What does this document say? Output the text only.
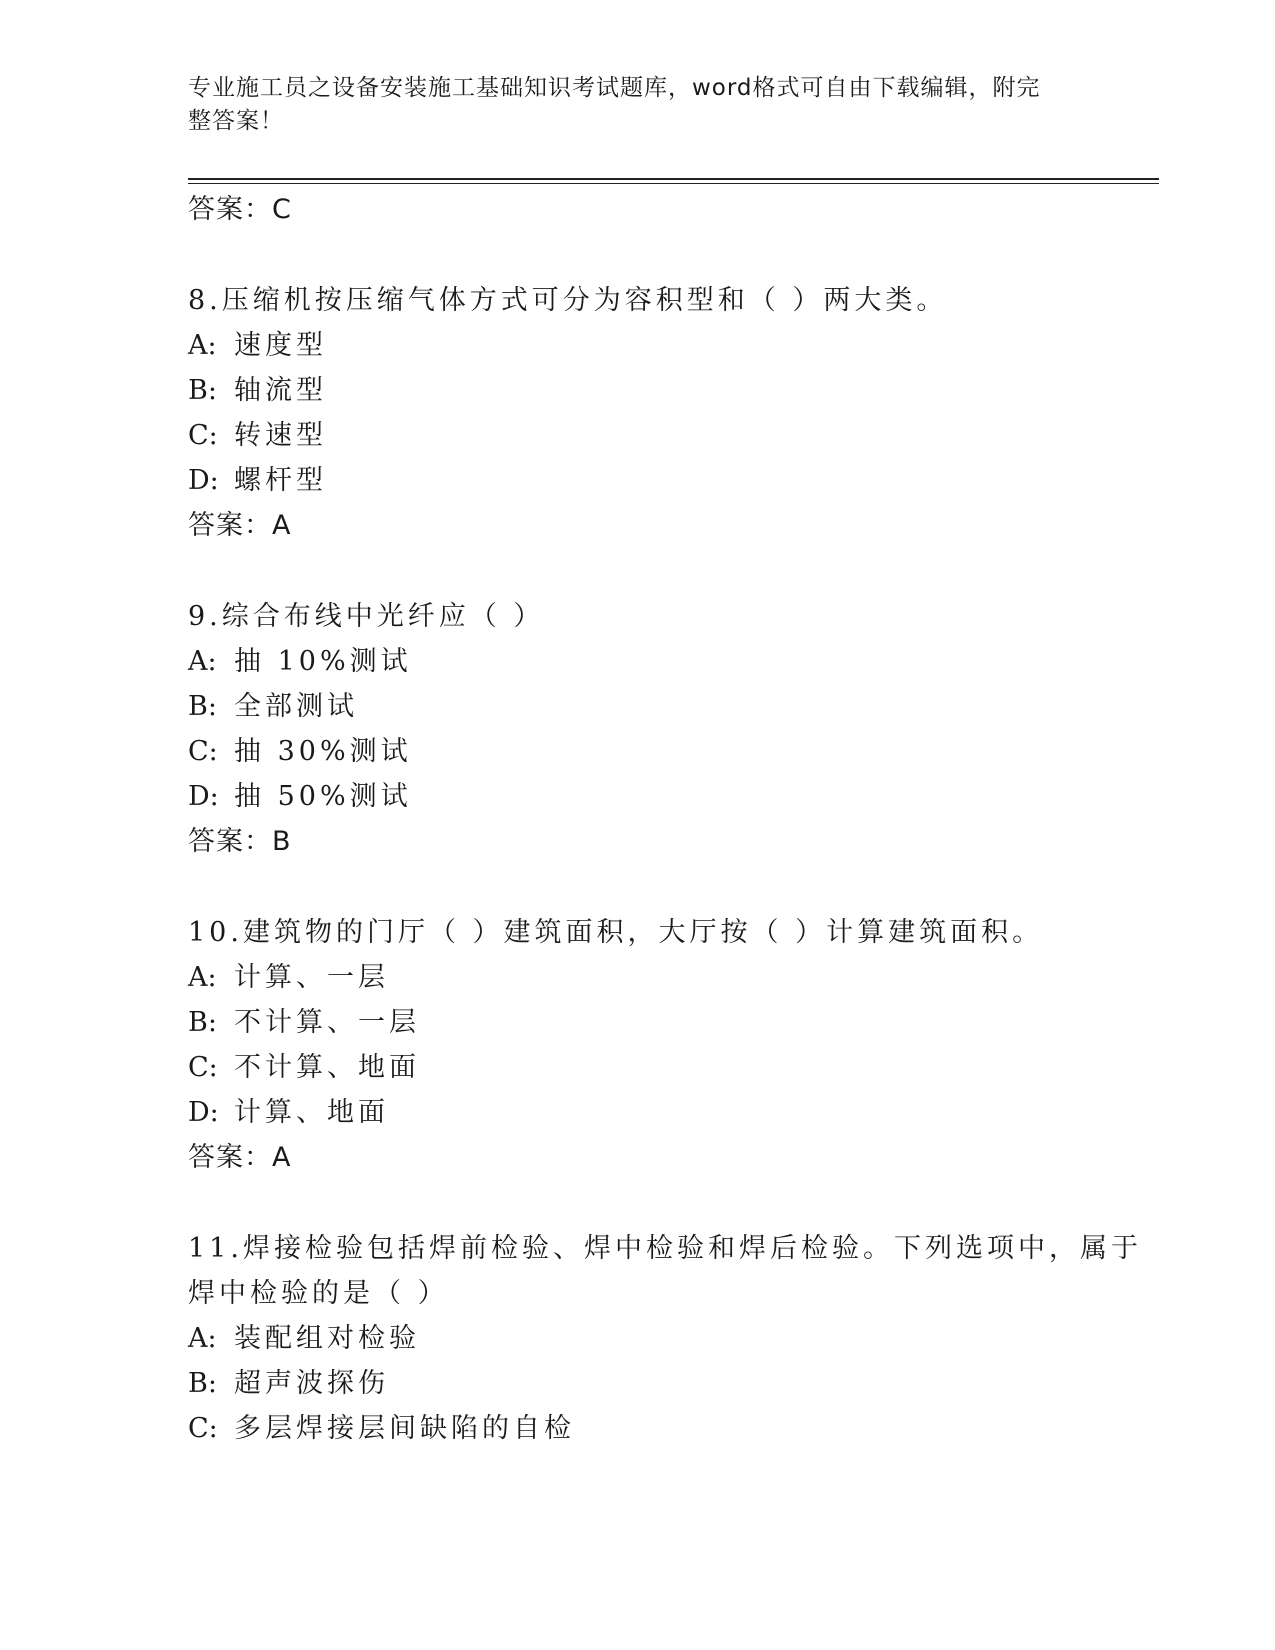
专业施工员之设备安装施工基础知识考试题库，word格式可自由下载编辑，附完
整答案！
答案：C
8.压缩机按压缩气体方式可分为容积型和（ ）两大类。
A: 速度型
B: 轴流型
C: 转速型
D: 螺杆型
答案：A
9.综合布线中光纤应（ ）
A: 抽 10%测试
B: 全部测试
C: 抽 30%测试
D: 抽 50%测试
答案：B
10.建筑物的门厅（ ）建筑面积，大厅按（ ）计算建筑面积。
A: 计算、一层
B: 不计算、一层
C: 不计算、地面
D: 计算、地面
答案：A
11.焊接检验包括焊前检验、焊中检验和焊后检验。下列选项中，属于
焊中检验的是（ ）
A: 装配组对检验
B: 超声波探伤
C: 多层焊接层间缺陷的自检
